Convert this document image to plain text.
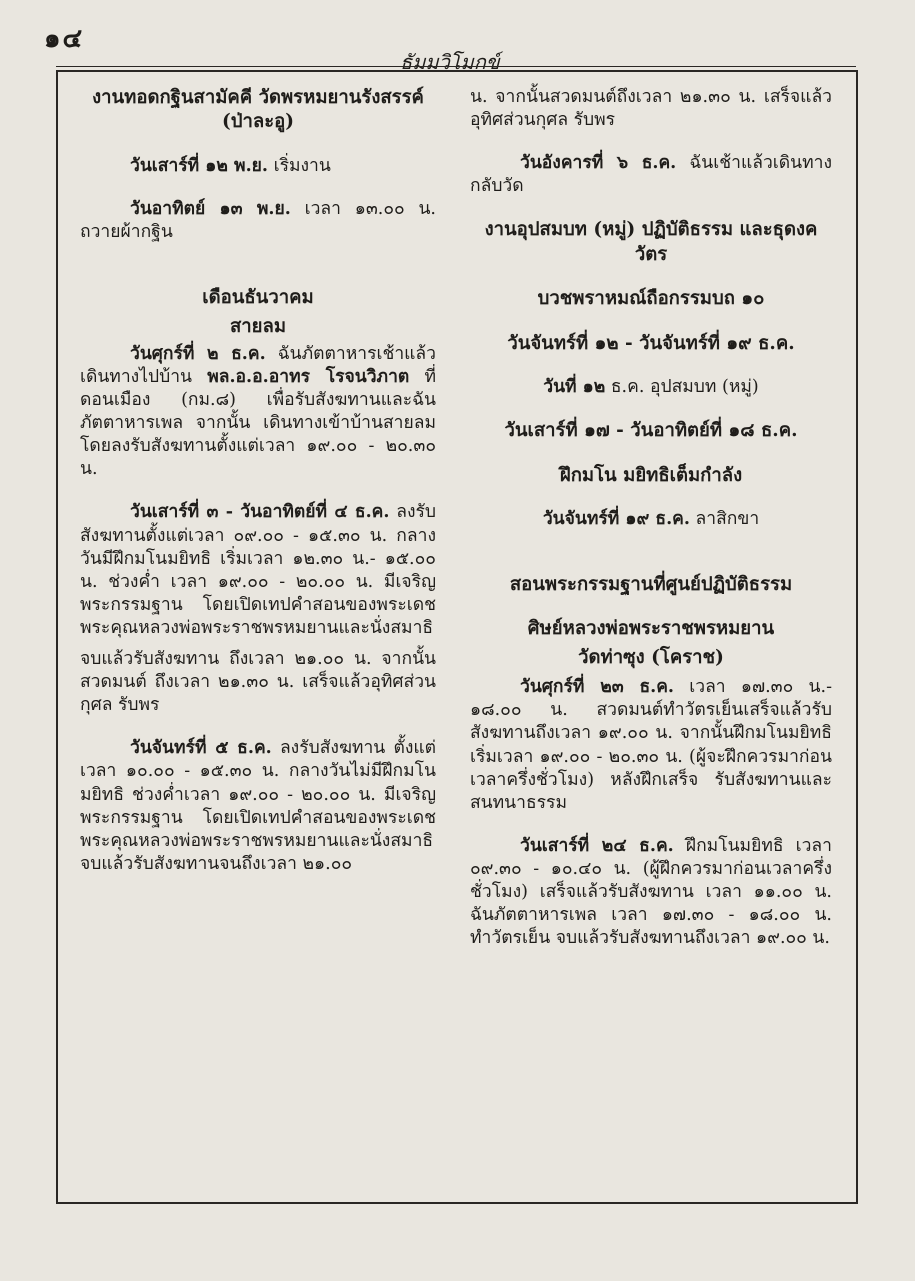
๑๔
ธัมมวิโมกข์

งานทอดกฐินสามัคคี วัดพรหมยานรังสรรค์ (ป่าละอู)

วันเสาร์ที่ ๑๒ พ.ย. เริ่มงาน

วันอาทิตย์ ๑๓ พ.ย. เวลา ๑๓.๐๐ น. ถวายผ้ากฐิน

เดือนธันวาคม

สายลม

วันศุกร์ที่ ๒ ธ.ค. ฉันภัตตาหารเช้าแล้วเดินทางไปบ้าน พล.อ.อ.อาทร โรจนวิภาต ที่ดอนเมือง (กม.๘) เพื่อรับสังฆทานและฉันภัตตาหารเพล จากนั้น เดินทางเข้าบ้านสายลม โดยลงรับสังฆทานตั้งแต่เวลา ๑๙.๐๐ - ๒๐.๓๐ น.

วันเสาร์ที่ ๓ - วันอาทิตย์ที่ ๔ ธ.ค. ลงรับสังฆทานตั้งแต่เวลา ๐๙.๐๐ - ๑๕.๓๐ น. กลางวันมีฝึกมโนมยิทธิ เริ่มเวลา ๑๒.๓๐ น.- ๑๕.๐๐ น. ช่วงค่ำ เวลา ๑๙.๐๐ - ๒๐.๐๐ น. มีเจริญพระกรรมฐาน โดยเปิดเทปคำสอนของพระเดชพระคุณหลวงพ่อพระราชพรหมยานและนั่งสมาธิ

จบแล้วรับสังฆทาน ถึงเวลา ๒๑.๐๐ น. จากนั้นสวดมนต์ ถึงเวลา ๒๑.๓๐ น. เสร็จแล้วอุทิศส่วนกุศล รับพร

วันจันทร์ที่ ๕ ธ.ค. ลงรับสังฆทาน ตั้งแต่เวลา ๑๐.๐๐ - ๑๕.๓๐ น. กลางวันไม่มีฝึกมโนมยิทธิ ช่วงค่ำเวลา ๑๙.๐๐ - ๒๐.๐๐ น. มีเจริญพระกรรมฐาน โดยเปิดเทปคำสอนของพระเดชพระคุณหลวงพ่อพระราชพรหมยานและนั่งสมาธิ จบแล้วรับสังฆทานจนถึงเวลา ๒๑.๐๐

น. จากนั้นสวดมนต์ถึงเวลา ๒๑.๓๐ น. เสร็จแล้วอุทิศส่วนกุศล รับพร

วันอังคารที่ ๖ ธ.ค. ฉันเช้าแล้วเดินทางกลับวัด

งานอุปสมบท (หมู่) ปฏิบัติธรรม และธุดงควัตร

บวชพราหมณ์ถือกรรมบถ ๑๐

วันจันทร์ที่ ๑๒ - วันจันทร์ที่ ๑๙ ธ.ค.

วันที่ ๑๒ ธ.ค. อุปสมบท (หมู่)

วันเสาร์ที่ ๑๗ - วันอาทิตย์ที่ ๑๘ ธ.ค.

ฝึกมโน มยิทธิเต็มกำลัง

วันจันทร์ที่ ๑๙ ธ.ค. ลาสิกขา

สอนพระกรรมฐานที่ศูนย์ปฏิบัติธรรม

ศิษย์หลวงพ่อพระราชพรหมยาน

วัดท่าซุง (โคราช)

วันศุกร์ที่ ๒๓ ธ.ค. เวลา ๑๗.๓๐ น.- ๑๘.๐๐ น. สวดมนต์ทำวัตรเย็นเสร็จแล้วรับสังฆทานถึงเวลา ๑๙.๐๐ น. จากนั้นฝึกมโนมยิทธิ เริ่มเวลา ๑๙.๐๐ - ๒๐.๓๐ น. (ผู้จะฝึกควรมาก่อนเวลาครึ่งชั่วโมง) หลังฝึกเสร็จ รับสังฆทานและสนทนาธรรม

วันเสาร์ที่ ๒๔ ธ.ค. ฝึกมโนมยิทธิ เวลา ๐๙.๓๐ - ๑๐.๔๐ น. (ผู้ฝึกควรมาก่อนเวลาครึ่งชั่วโมง) เสร็จแล้วรับสังฆทาน เวลา ๑๑.๐๐ น. ฉันภัตตาหารเพล เวลา ๑๗.๓๐ - ๑๘.๐๐ น. ทำวัตรเย็น จบแล้วรับสังฆทานถึงเวลา ๑๙.๐๐ น.
